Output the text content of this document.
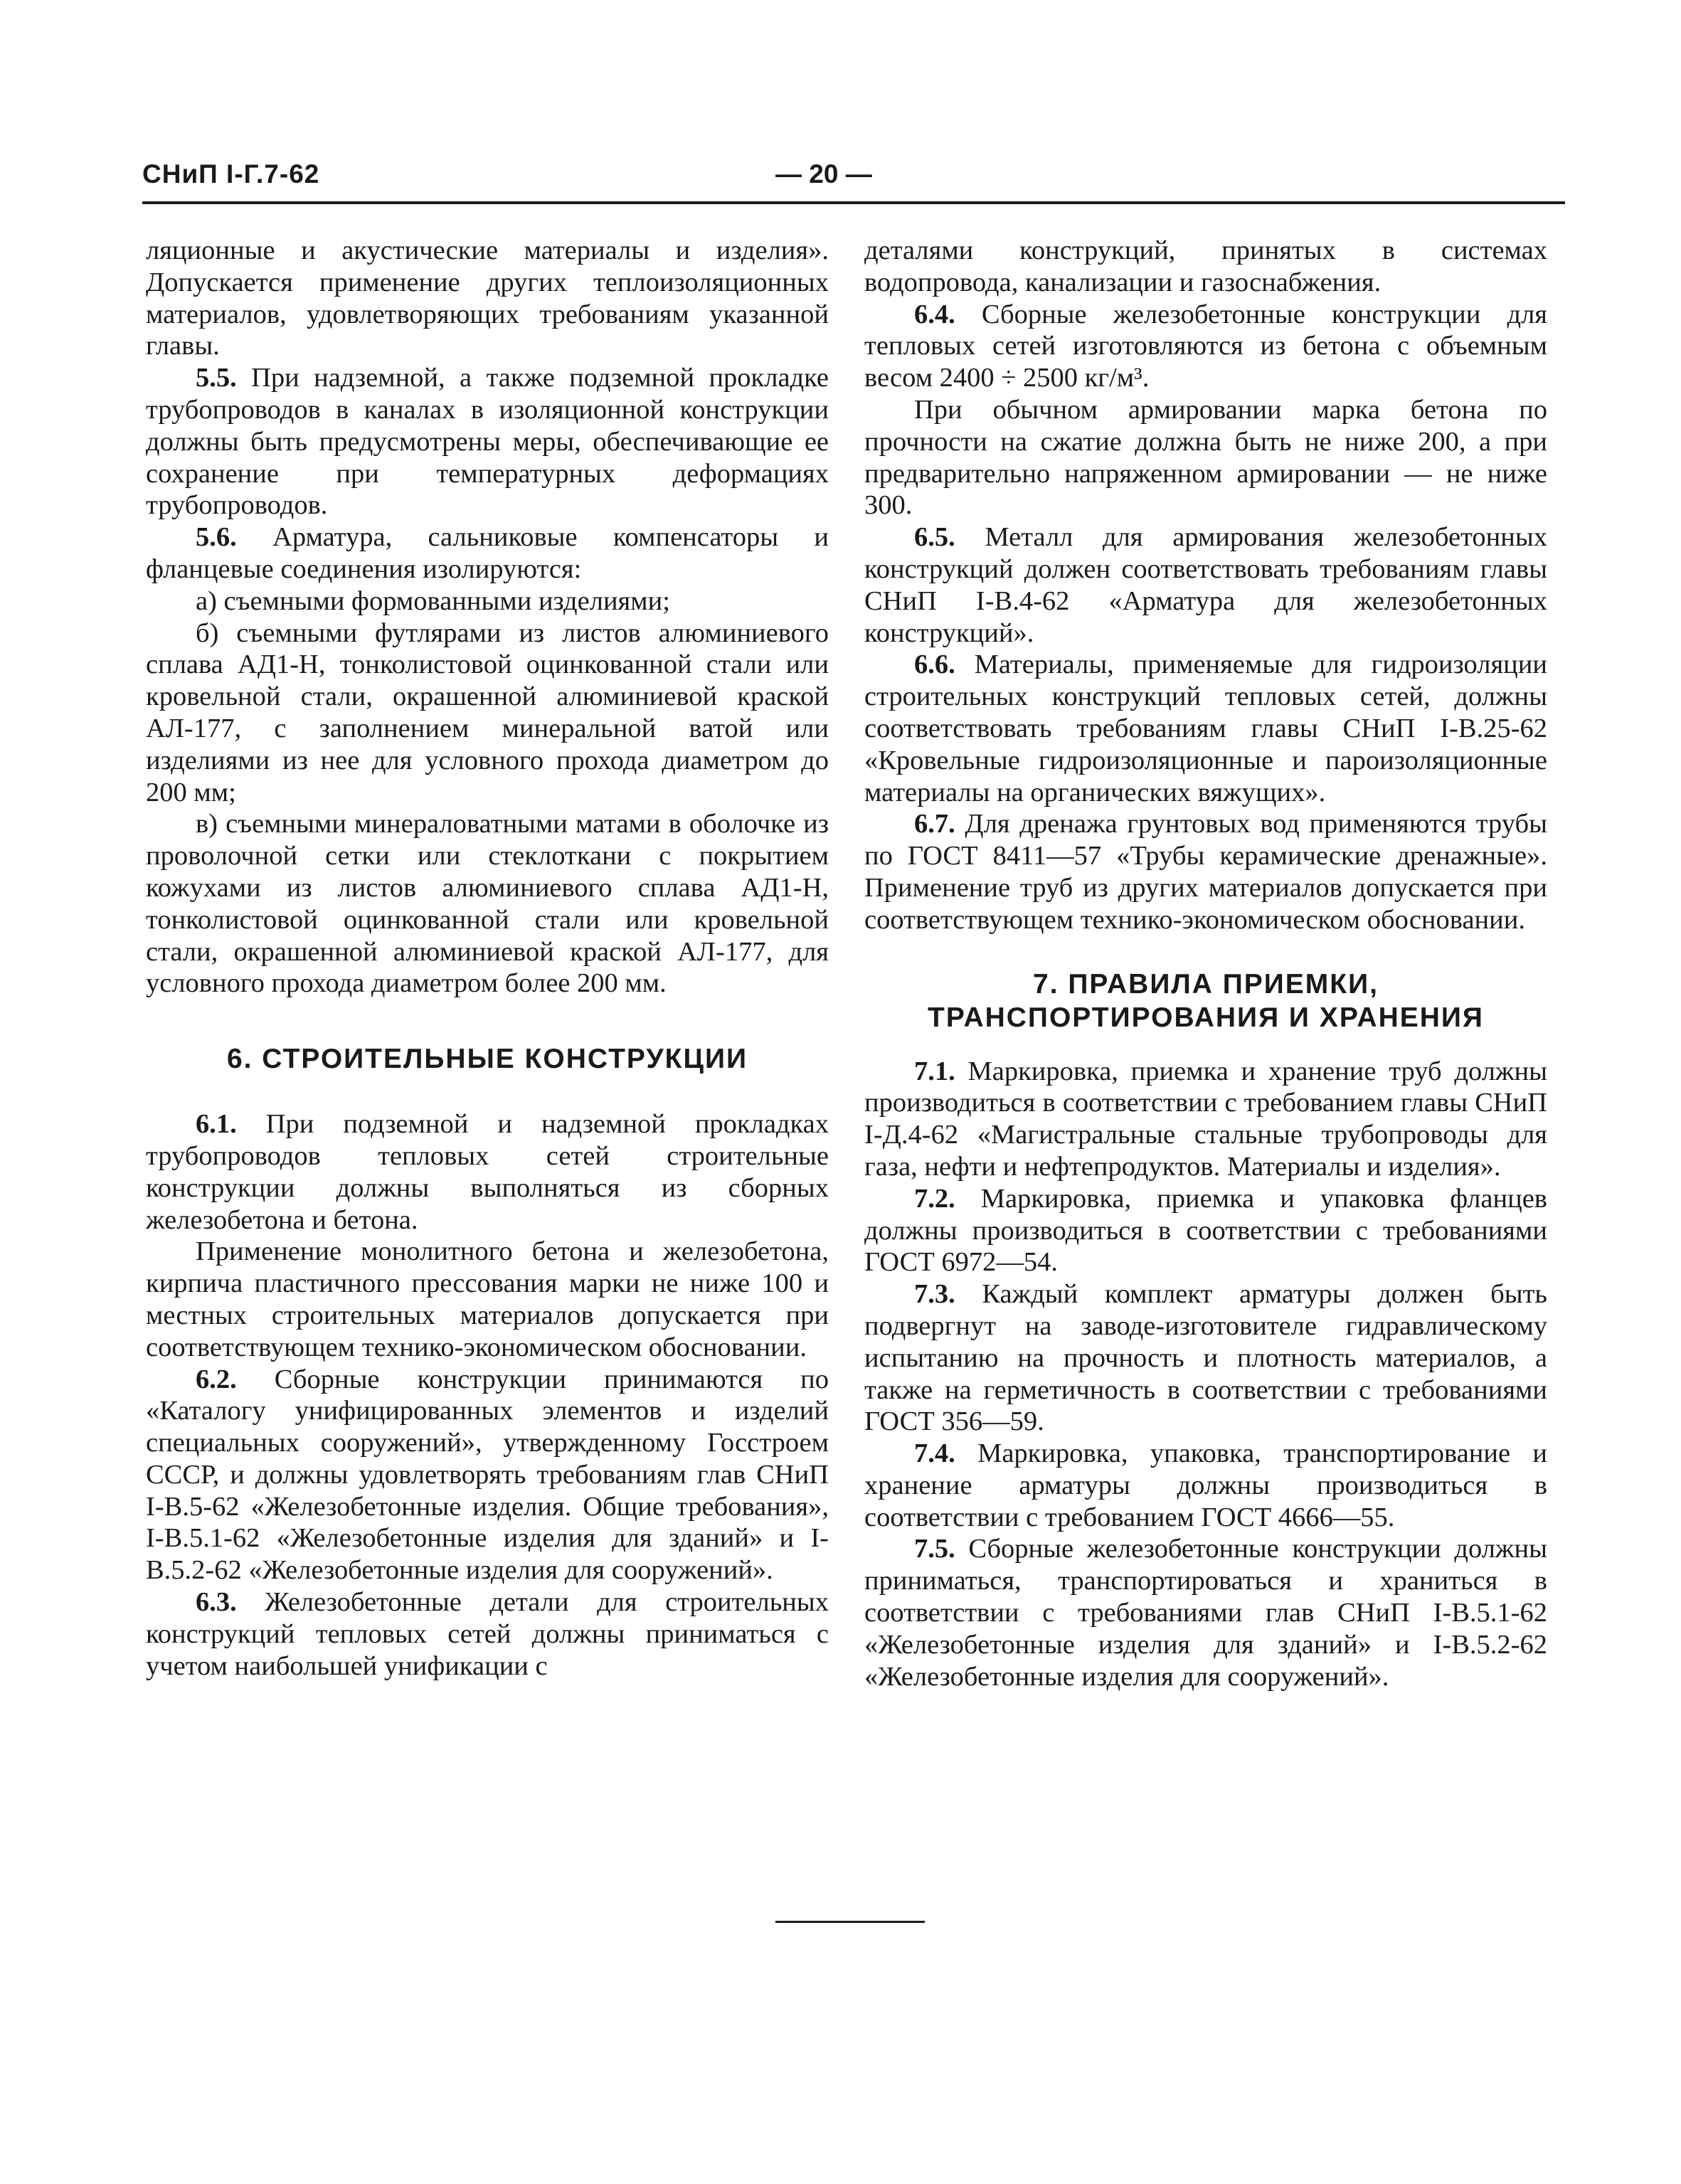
СНиП I-Г.7-62	— 20 —

ляционные и акустические материалы и изделия». Допускается применение других теплоизоляционных материалов, удовлетворяющих требованиям указанной главы.

5.5. При надземной, а также подземной прокладке трубопроводов в каналах в изоляционной конструкции должны быть предусмотрены меры, обеспечивающие ее сохранение при температурных деформациях трубопроводов.

5.6. Арматура, сальниковые компенсаторы и фланцевые соединения изолируются:

а) съемными формованными изделиями;

б) съемными футлярами из листов алюминиевого сплава АД1-Н, тонколистовой оцинкованной стали или кровельной стали, окрашенной алюминиевой краской АЛ-177, с заполнением минеральной ватой или изделиями из нее для условного прохода диаметром до 200 мм;

в) съемными минераловатными матами в оболочке из проволочной сетки или стеклоткани с покрытием кожухами из листов алюминиевого сплава АД1-Н, тонколистовой оцинкованной стали или кровельной стали, окрашенной алюминиевой краской АЛ-177, для условного прохода диаметром более 200 мм.

6. СТРОИТЕЛЬНЫЕ КОНСТРУКЦИИ

6.1. При подземной и надземной прокладках трубопроводов тепловых сетей строительные конструкции должны выполняться из сборных железобетона и бетона.

Применение монолитного бетона и железобетона, кирпича пластичного прессования марки не ниже 100 и местных строительных материалов допускается при соответствующем технико-экономическом обосновании.

6.2. Сборные конструкции принимаются по «Каталогу унифицированных элементов и изделий специальных сооружений», утвержденному Госстроем СССР, и должны удовлетворять требованиям глав СНиП I-В.5-62 «Железобетонные изделия. Общие требования», I-В.5.1-62 «Железобетонные изделия для зданий» и I-В.5.2-62 «Железобетонные изделия для сооружений».

6.3. Железобетонные детали для строительных конструкций тепловых сетей должны приниматься с учетом наибольшей унификации с

деталями конструкций, принятых в системах водопровода, канализации и газоснабжения.

6.4. Сборные железобетонные конструкции для тепловых сетей изготовляются из бетона с объемным весом 2400 ÷ 2500 кг/м³.

При обычном армировании марка бетона по прочности на сжатие должна быть не ниже 200, а при предварительно напряженном армировании — не ниже 300.

6.5. Металл для армирования железобетонных конструкций должен соответствовать требованиям главы СНиП I-В.4-62 «Арматура для железобетонных конструкций».

6.6. Материалы, применяемые для гидроизоляции строительных конструкций тепловых сетей, должны соответствовать требованиям главы СНиП I-В.25-62 «Кровельные гидроизоляционные и пароизоляционные материалы на органических вяжущих».

6.7. Для дренажа грунтовых вод применяются трубы по ГОСТ 8411—57 «Трубы керамические дренажные». Применение труб из других материалов допускается при соответствующем технико-экономическом обосновании.

7. ПРАВИЛА ПРИЕМКИ,
ТРАНСПОРТИРОВАНИЯ И ХРАНЕНИЯ

7.1. Маркировка, приемка и хранение труб должны производиться в соответствии с требованием главы СНиП I-Д.4-62 «Магистральные стальные трубопроводы для газа, нефти и нефтепродуктов. Материалы и изделия».

7.2. Маркировка, приемка и упаковка фланцев должны производиться в соответствии с требованиями ГОСТ 6972—54.

7.3. Каждый комплект арматуры должен быть подвергнут на заводе-изготовителе гидравлическому испытанию на прочность и плотность материалов, а также на герметичность в соответствии с требованиями ГОСТ 356—59.

7.4. Маркировка, упаковка, транспортирование и хранение арматуры должны производиться в соответствии с требованием ГОСТ 4666—55.

7.5. Сборные железобетонные конструкции должны приниматься, транспортироваться и храниться в соответствии с требованиями глав СНиП I-В.5.1-62 «Железобетонные изделия для зданий» и I-В.5.2-62 «Железобетонные изделия для сооружений».
